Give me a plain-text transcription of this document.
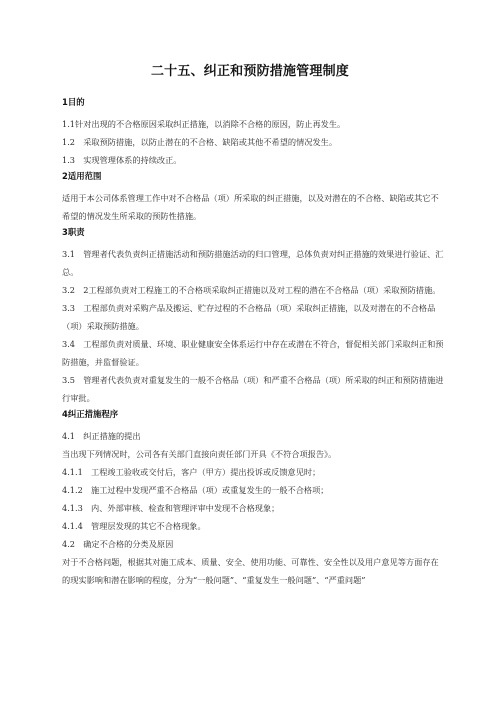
二十五、纠正和预防措施管理制度
1目的

1.1针对出现的不合格原因采取纠正措施，以消除不合格的原因，防止再发生。

1.2　采取预防措施，以防止潜在的不合格、缺陷或其他不希望的情况发生。

1.3　实现管理体系的持续改正。

2适用范围

适用于本公司体系管理工作中对不合格品（项）所采取的纠正措施，以及对潜在的不合格、缺陷或其它不希望的情况发生所采取的预防性措施。

3职责

3.1　管理者代表负责纠正措施活动和预防措施活动的归口管理，总体负责对纠正措施的效果进行验证、汇总。

3.2　2工程部负责对工程施工的不合格项采取纠正措施以及对工程的潜在不合格品（项）采取预防措施。

3.3　工程部负责对采购产品及搬运、贮存过程的不合格品（项）采取纠正措施，以及对潜在的不合格品（项）采取预防措施。

3.4　工程部负责对质量、环境、职业健康安全体系运行中存在或潜在不符合，督促相关部门采取纠正和预防措施，并监督验证。

3.5　管理者代表负责对重复发生的一般不合格品（项）和严重不合格品（项）所采取的纠正和预防措施进行审批。

4纠正措施程序

4.1　纠正措施的提出

当出现下列情况时，公司各有关部门直接向责任部门开具《不符合项报告》。

4.1.1　工程竣工验收或交付后，客户（甲方）提出投诉或反馈意见时；

4.1.2　施工过程中发现严重不合格品（项）或重复发生的一般不合格项；

4.1.3　内、外部审核、检查和管理评审中发现不合格现象；

4.1.4　管理层发现的其它不合格现象。

4.2　确定不合格的分类及原因

对于不合格问题，根据其对施工成本、质量、安全、使用功能、可靠性、安全性以及用户意见等方面存在的现实影响和潜在影响的程度，分为“一般问题”、“重复发生一般问题”、“严重问题”
